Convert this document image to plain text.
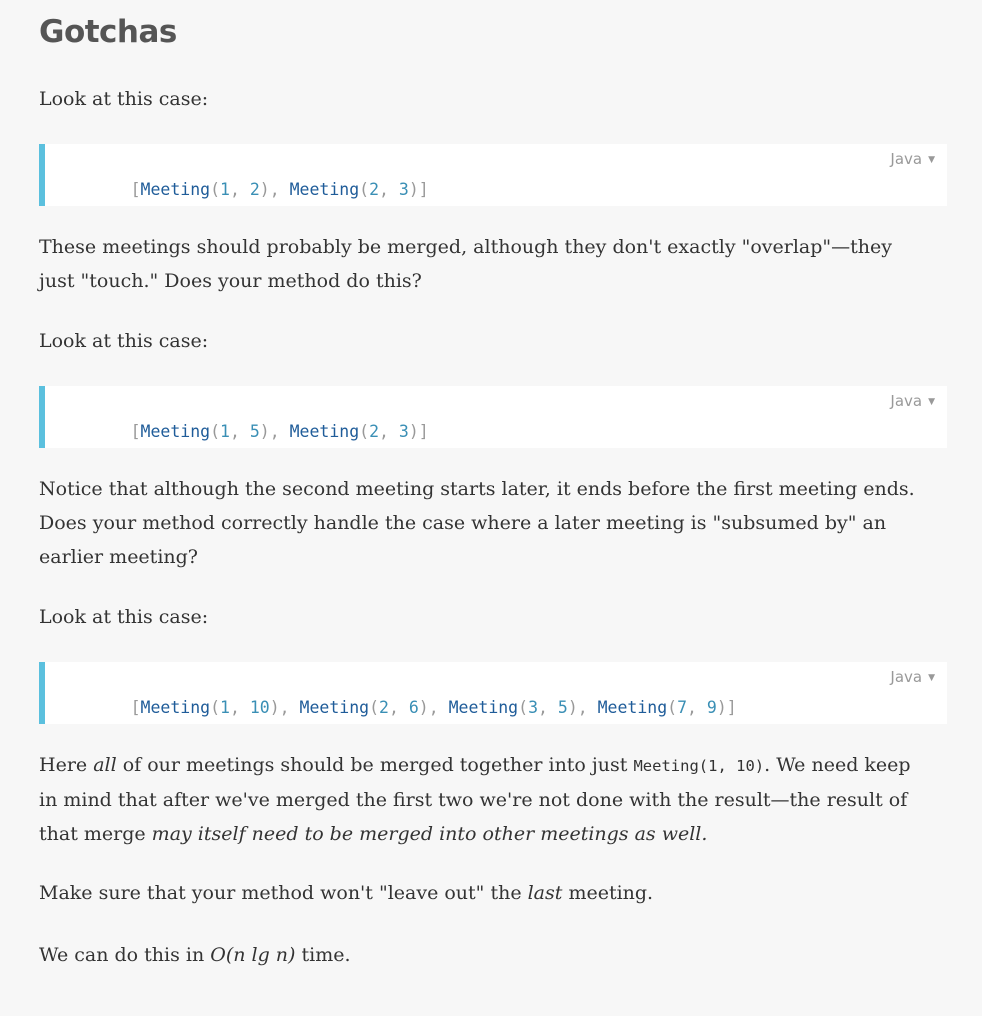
Gotchas

Look at this case:

[Meeting(1, 2), Meeting(2, 3)]

Java ▼

These meetings should probably be merged, although they don't exactly "overlap"—they just "touch." Does your method do this?

Look at this case:

[Meeting(1, 5), Meeting(2, 3)]

Java ▼

Notice that although the second meeting starts later, it ends before the first meeting ends. Does your method correctly handle the case where a later meeting is "subsumed by" an earlier meeting?

Look at this case:

[Meeting(1, 10), Meeting(2, 6), Meeting(3, 5), Meeting(7, 9)]

Java ▼

Here all of our meetings should be merged together into just Meeting(1, 10). We need keep in mind that after we've merged the first two we're not done with the result—the result of that merge may itself need to be merged into other meetings as well.

Make sure that your method won't "leave out" the last meeting.

We can do this in O(n lg n) time.
